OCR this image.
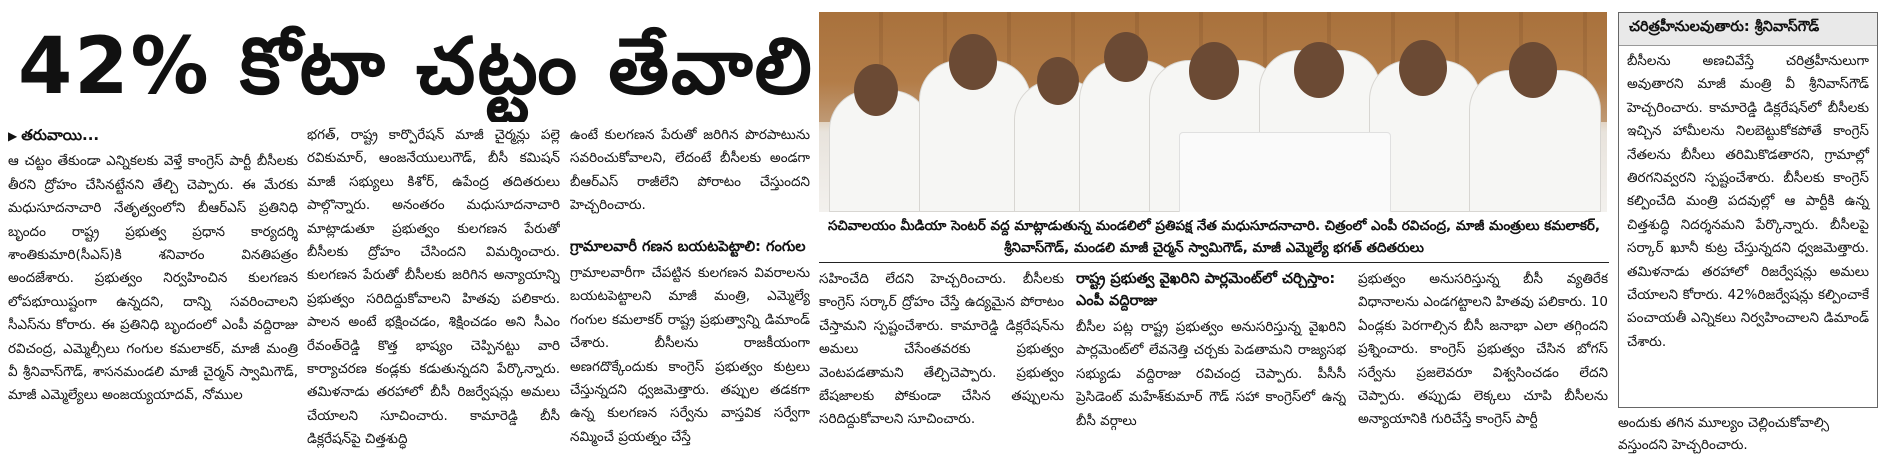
42% కోటా చట్టం తేవాలి

▶ తరువాయి...

ఆ చట్టం తేకుండా ఎన్నికలకు వెళ్తే కాంగ్రెస్ పార్టీ బీసీలకు తీరని ద్రోహం చేసినట్టేనని తేల్చి చెప్పారు. ఈ మేరకు మధుసూదనాచారి నేతృత్వంలోని బీఆర్ఎస్ ప్రతినిధి బృందం రాష్ట్ర ప్రభుత్వ ప్రధాన కార్యదర్శి శాంతికుమారి(సీఎస్)కి శనివారం వినతిపత్రం అందజేశారు. ప్రభుత్వం నిర్వహించిన కులగణన లోపభూయిష్టంగా ఉన్నదని, దాన్ని సవరించాలని సీఎస్‌ను కోరారు. ఈ ప్రతినిధి బృందంలో ఎంపీ వద్దిరాజు రవిచంద్ర, ఎమ్మెల్సీలు గంగుల కమలాకర్, మాజీ మంత్రి వీ శ్రీనివాస్‌గౌడ్, శాసనమండలి మాజీ చైర్మన్ స్వామిగౌడ్, మాజీ ఎమ్మెల్యేలు అంజయ్యయాదవ్, నోముల

భగత్, రాష్ట్ర కార్పొరేషన్ మాజీ చైర్మన్లు పల్లె రవికుమార్, ఆంజనేయులుగౌడ్, బీసీ కమిషన్ మాజీ సభ్యులు కిశోర్, ఉపేంద్ర తదితరులు పాల్గొన్నారు. అనంతరం మధుసూదనాచారి మాట్లాడుతూ ప్రభుత్వం కులగణన పేరుతో బీసీలకు ద్రోహం చేసిందని విమర్శించారు. కులగణన పేరుతో బీసీలకు జరిగిన అన్యాయాన్ని ప్రభుత్వం సరిదిద్దుకోవాలని హితవు పలికారు. పాలన అంటే భక్షించడం, శిక్షించడం అని సీఎం రేవంత్‌రెడ్డి కొత్త భాష్యం చెప్పినట్టు వారి కార్యాచరణ కండ్లకు కడుతున్నదని పేర్కొన్నారు. తమిళనాడు తరహాలో బీసీ రిజర్వేషన్లు అమలు చేయాలని సూచించారు. కామారెడ్డి బీసీ డిక్లరేషన్‌పై చిత్తశుద్ధి

ఉంటే కులగణన పేరుతో జరిగిన పొరపాటును సవరించుకోవాలని, లేదంటే బీసీలకు అండగా బీఆర్ఎస్ రాజీలేని పోరాటం చేస్తుందని హెచ్చరించారు.

గ్రామాలవారీ గణన బయటపెట్టాలి: గంగుల

గ్రామాలవారీగా చేపట్టిన కులగణన వివరాలను బయటపెట్టాలని మాజీ మంత్రి, ఎమ్మెల్యే గంగుల కమలాకర్ రాష్ట్ర ప్రభుత్వాన్ని డిమాండ్ చేశారు. బీసీలను రాజకీయంగా అణగదొక్కేందుకు కాంగ్రెస్ ప్రభుత్వం కుట్రలు చేస్తున్నదని ధ్వజమెత్తారు. తప్పుల తడకగా ఉన్న కులగణన సర్వేను వాస్తవిక సర్వేగా నమ్మించే ప్రయత్నం చేస్తే

సచివాలయం మీడియా సెంటర్ వద్ద మాట్లాడుతున్న మండలిలో ప్రతిపక్ష నేత మధుసూదనాచారి. చిత్రంలో ఎంపీ రవిచంద్ర, మాజీ మంత్రులు కమలాకర్, శ్రీనివాస్‌గౌడ్, మండలి మాజీ చైర్మన్ స్వామిగౌడ్, మాజీ ఎమ్మెల్యే భగత్ తదితరులు

సహించేది లేదని హెచ్చరించారు. బీసీలకు కాంగ్రెస్ సర్కార్ ద్రోహం చేస్తే ఉద్యమైన పోరాటం చేస్తామని స్పష్టంచేశారు. కామారెడ్డి డిక్లరేషన్‌ను అమలు చేసేంతవరకు ప్రభుత్వం వెంటపడతామని తేల్చిచెప్పారు. ప్రభుత్వం బేషజాలకు పోకుండా చేసిన తప్పులను సరిదిద్దుకోవాలని సూచించారు.

రాష్ట్ర ప్రభుత్వ వైఖరిని పార్లమెంట్‌లో చర్చిస్తాం: ఎంపీ వద్దిరాజు

బీసీల పట్ల రాష్ట్ర ప్రభుత్వం అనుసరిస్తున్న వైఖరిని పార్లమెంట్‌లో లేవనెత్తి చర్చకు పెడతామని రాజ్యసభ సభ్యుడు వద్దిరాజు రవిచంద్ర చెప్పారు. పీసీసీ ప్రెసిడెంట్ మహేశ్‌కుమార్ గౌడ్ సహా కాంగ్రెస్‌లో ఉన్న బీసీ వర్గాలు

ప్రభుత్వం అనుసరిస్తున్న బీసీ వ్యతిరేక విధానాలను ఎండగట్టాలని హితవు పలికారు. 10 ఏండ్లకు పెరగాల్సిన బీసీ జనాభా ఎలా తగ్గిందని ప్రశ్నించారు. కాంగ్రెస్ ప్రభుత్వం చేసిన బోగస్ సర్వేను ప్రజలెవరూ విశ్వసించడం లేదని చెప్పారు. తప్పుడు లెక్కలు చూపి బీసీలను అన్యాయానికి గురిచేస్తే కాంగ్రెస్ పార్టీ

చరిత్రహీనులవుతారు: శ్రీనివాస్‌గౌడ్
బీసీలను అణచివేస్తే చరిత్రహీనులుగా అవుతారని మాజీ మంత్రి వీ శ్రీనివాస్‌గౌడ్ హెచ్చరించారు. కామారెడ్డి డిక్లరేషన్‌లో బీసీలకు ఇచ్చిన హామీలను నిలబెట్టుకోకపోతే కాంగ్రెస్ నేతలను బీసీలు తరిమికొడతారని, గ్రామాల్లో తిరగనివ్వరని స్పష్టంచేశారు. బీసీలకు కాంగ్రెస్ కల్పించేది మంత్రి పదవుల్లో ఆ పార్టీకి ఉన్న చిత్తశుద్ధి నిదర్శనమని పేర్కొన్నారు. బీసీలపై సర్కార్ ఖూనీ కుట్ర చేస్తున్నదని ధ్వజమెత్తారు. తమిళనాడు తరహాలో రిజర్వేషన్లు అమలు చేయాలని కోరారు. 42%రిజర్వేషన్లు కల్పించాకే పంచాయతీ ఎన్నికలు నిర్వహించాలని డిమాండ్ చేశారు.
అందుకు తగిన మూల్యం చెల్లించుకోవాల్సి వస్తుందని హెచ్చరించారు.
